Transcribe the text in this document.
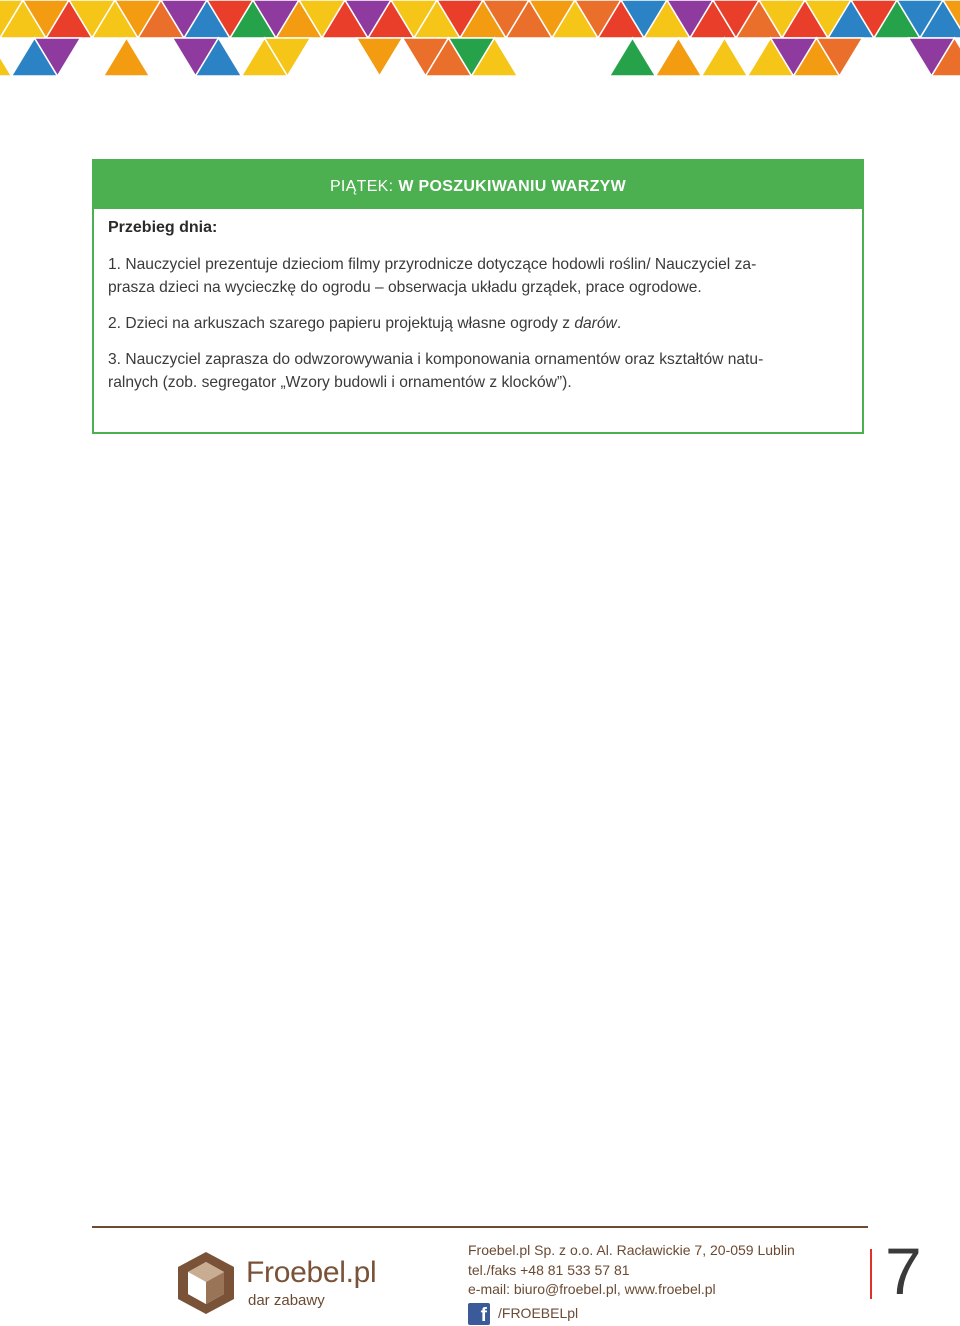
PIĄTEK: W POSZUKIWANIU WARZYW

Przebieg dnia:

1. Nauczyciel prezentuje dzieciom filmy przyrodnicze dotyczące hodowli roślin/ Nauczyciel za-
prasza dzieci na wycieczkę do ogrodu – obserwacja układu grządek, prace ogrodowe.

2. Dzieci na arkuszach szarego papieru projektują własne ogrody z darów.

3. Nauczyciel zaprasza do odwzorowywania i komponowania ornamentów oraz kształtów natu-
ralnych (zob. segregator „Wzory budowli i ornamentów z klocków”).

Froebel.pl
dar zabawy
Froebel.pl Sp. z o.o. Al. Racławickie 7, 20-059 Lublin
tel./faks +48 81 533 57 81
e-mail: biuro@froebel.pl, www.froebel.pl
f /FROEBELpl
7
